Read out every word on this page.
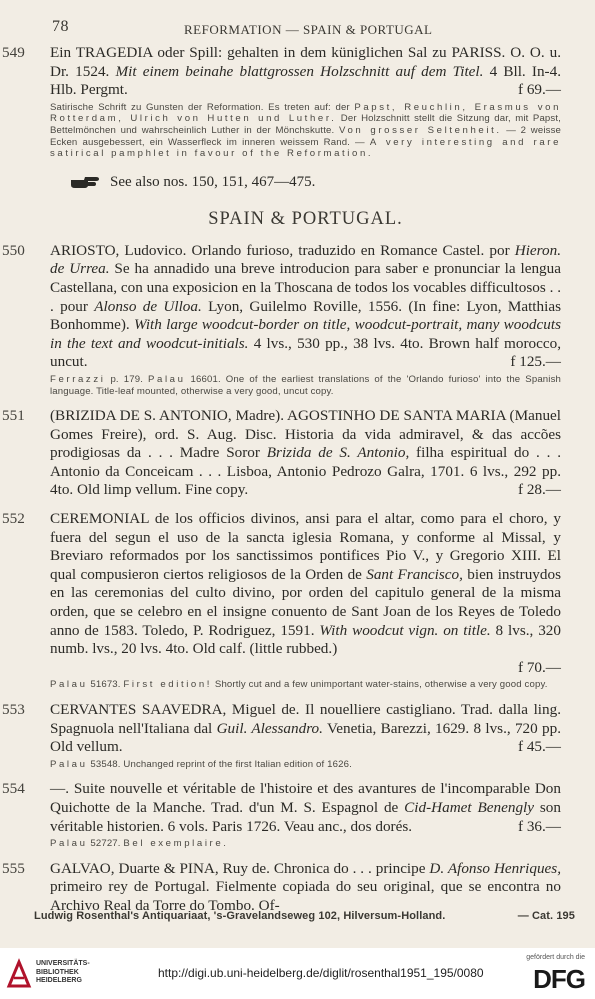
78	REFORMATION — SPAIN & PORTUGAL
549 Ein TRAGEDIA oder Spill: gehalten in dem küniglichen Sal zu PARISS. O. O. u. Dr. 1524. Mit einem beinahe blattgrossen Holzschnitt auf dem Titel. 4 Bll. In-4. Hlb. Pergmt.	f 69.—

Satirische Schrift zu Gunsten der Reformation. Es treten auf: der Papst, Reuchlin, Erasmus von Rotterdam, Ulrich von Hutten und Luther. Der Holzschnitt stellt die Sitzung dar, mit Papst, Bettelmönchen und wahrscheinlich Luther in der Mönchskutte. Von grosser Seltenheit. — 2 weisse Ecken ausgebessert, ein Wasserfleck im inneren weissem Rand. — A very interesting and rare satirical pamphlet in favour of the Reformation.

See also nos. 150, 151, 467—475.
SPAIN & PORTUGAL.
550 ARIOSTO, Ludovico. Orlando furioso, traduzido en Romance Castel. por Hieron. de Urrea. Se ha annadido una breve introducion para saber e pronunciar la lengua Castellana, con una exposicion en la Thoscana de todos los vocables difficultosos . . . pour Alonso de Ulloa. Lyon, Guilelmo Roville, 1556. (In fine: Lyon, Matthias Bonhomme). With large woodcut-border on title, woodcut-portrait, many woodcuts in the text and woodcut-initials. 4 lvs., 530 pp., 38 lvs. 4to. Brown half morocco, uncut.	f 125.—

Ferrazzi p. 179. Palau 16601. One of the earliest translations of the 'Orlando furioso' into the Spanish language. Title-leaf mounted, otherwise a very good, uncut copy.

551 (BRIZIDA DE S. ANTONIO, Madre). AGOSTINHO DE SANTA MARIA (Manuel Gomes Freire), ord. S. Aug. Disc. Historia da vida admiravel, & das accões prodigiosas da . . . Madre Soror Brizida de S. Antonio, filha espiritual do . . . Antonio da Conceicam . . . Lisboa, Antonio Pedrozo Galra, 1701. 6 lvs., 292 pp. 4to. Old limp vellum. Fine copy.	f 28.—

552 CEREMONIAL de los officios divinos, ansi para el altar, como para el choro, y fuera del segun el uso de la sancta iglesia Romana, y conforme al Missal, y Breviaro reformados por los sanctissimos pontifices Pio V., y Gregorio XIII. El qual compusieron ciertos religiosos de la Orden de Sant Francisco, bien instruydos en las ceremonias del culto divino, por orden del capitulo general de la misma orden, que se celebro en el insigne conuento de Sant Joan de los Reyes de Toledo anno de 1583. Toledo, P. Rodriguez, 1591. With woodcut vign. on title. 8 lvs., 320 numb. lvs., 20 lvs. 4to. Old calf. (little rubbed.)

f 70.—

Palau 51673. First edition! Shortly cut and a few unimportant water-stains, otherwise a very good copy.

553 CERVANTES SAAVEDRA, Miguel de. Il nouelliere castigliano. Trad. dalla ling. Spagnuola nell'Italiana dal Guil. Alessandro. Venetia, Barezzi, 1629. 8 lvs., 720 pp. Old vellum.	f 45.—

Palau 53548. Unchanged reprint of the first Italian edition of 1626.

554 —. Suite nouvelle et véritable de l'histoire et des avantures de l'incomparable Don Quichotte de la Manche. Trad. d'un M. S. Espagnol de Cid-Hamet Benengly son véritable historien. 6 vols. Paris 1726. Veau anc., dos dorés.	f 36.—

Palau 52727. Bel exemplaire.

555 GALVAO, Duarte & PINA, Ruy de. Chronica do . . . principe D. Afonso Henriques, primeiro rey de Portugal. Fielmente copiada do seu original, que se encontra no Archivo Real da Torre do Tombo. Of-

Ludwig Rosenthal's Antiquariaat, 's-Gravelandseweg 102, Hilversum-Holland.	— Cat. 195
UNIVERSITÄTS-
BIBLIOTHEK
HEIDELBERG
http://digi.ub.uni-heidelberg.de/diglit/rosenthal1951_195/0080
gefördert durch die
DFG
